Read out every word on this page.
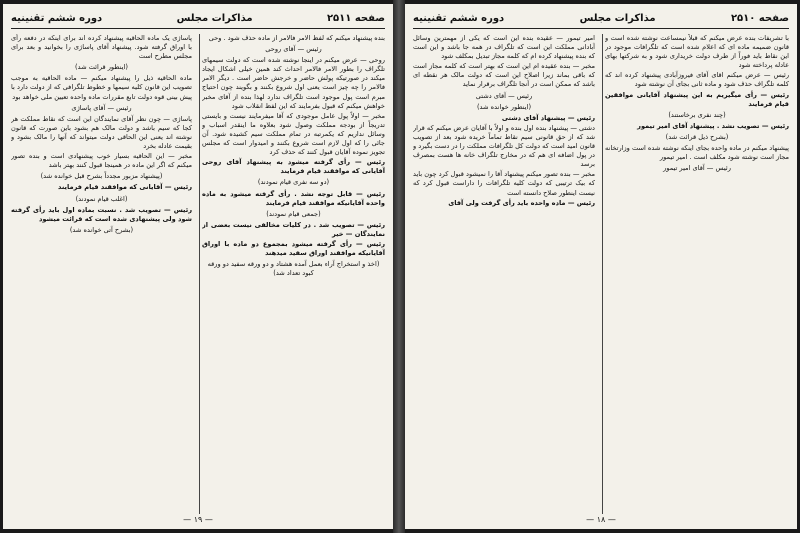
صفحه ۲۵۱۱
مذاکرات مجلس
دوره ششم تقنینیه

بنده پیشنهاد میکنم که لفظ الامر فالامر از ماده حذف شود . وحی

رئیس — آقای روحی

روحی — عرض میکنم در اینجا نوشته شده است که دولت سیمهای تلگراف را بطور الامر فالامر احداث کند همین خیلی اشکال ایجاد میکند در صورتیکه پولش حاضر و خرجش حاضر است . دیگر الامر فالامر را چه چیز است یعنی اول شروع بکنند و بگویند چون احتیاج مبرم است پول موجود است تلگراف ندارد لهذا بنده از آقای مخبر خواهش میکنم که قبول بفرمایند که این لفظ انقلاب شود

مخبر — اولاً پول عامل موجودی که آقا میفرمایند نیست و بایستی تدریجاً از بودجه مملکت وصول شود بعلاوه ما اینقدر اسباب و وسائل نداریم که یکمرتبه در تمام مملکت سیم کشیده شود. آن جائی را که اول لازم است شروع بکنند و امیدوار است که مجلس تجویز نموده آقایان قبول کنند که حذف کرد

رئیس — رأی گرفته میشود به پیشنهاد آقای روحی آقایانی که موافقند قیام فرمایند

(دو سه نفری قیام نمودند)

رئیس — قابل توجه نشد . رأی گرفته میشود به ماده واحده آقایانیکه موافقند قیام فرمایند

(جمعی قیام نمودند)

رئیس — تصویب شد . در کلیات مخالفی نیست بعضی از نمایندگان — خیر

رئیس — رأی گرفته میشود بمجموع دو ماده با اوراق آقایانیکه موافقند اوراق سفید میدهند

(اخذ و استخراج آراء بعمل آمده هشتاد و دو ورقه سفید دو ورقه کبود تعداد شد)

پاساژی یک ماده الحاقیه پیشنهاد کرده اند برای اینکه در دفعه رأی با اوراق گرفته شود. پیشنهاد آقای پاساژی را بخوانید و بعد برای مجلس مطرح است

(اینطور قرائت شد)

ماده الحاقیه ذیل را پیشنهاد میکنم — ماده الحاقیه به موجب تصویب این قانون کلیه سیمها و خطوط تلگرافی که از دولت دارد با پیش بینی قوه دولت تابع مقررات ماده واحده تعیین ملی خواهد بود

رئیس — آقای پاساژی

پاساژی — چون نظر آقای نمایندگان این است که نقاط مملکت هر کجا که سیم باشد و دولت مالک هم بشود باین صورت که قانون نوشته اند یعنی این الحاقی دولت میتواند که آنها را مالک بشود و بقیمت عادله بخرد

مخبر — این الحاقیه بسیار خوب پیشنهادی است و بنده تصور میکنم که اگر این ماده در همینجا قبول کنند بهتر باشد

(پیشنهاد مزبور مجدداً بشرح قبل خوانده شد)

رئیس — آقایانی که موافقند قیام فرمایند

(اغلب قیام نمودند)

رئیس — تصویب شد . نسبت بماده اول باید رأی گرفته شود ولی پیشنهادی شده است که قرائت میشود

(بشرح آتی خوانده شد)

— ۱۹ —
صفحه ۲۵۱۰
مذاکرات مجلس
دوره ششم تقنینیه

با تشریفات بنده عرض میکنم که قبلاً نیمساعت نوشته شده است و قانون ضمیمه ماده ای که اعلام شده است که تلگرافات موجود در این نقاط باید فوراً از طرف دولت خریداری شود و به شرکتها بهای عادله پرداخته شود

رئیس — عرض میکنم اقای آقای فیروزآبادی پیشنهاد کرده اند که کلمه تلگراف حذف شود و ماده ثانی بجای آن نوشته شود

رئیس — رأی میگیریم به این پیشنهاد آقایانی موافقین قیام فرمایند

(چند نفری برخاستند)

رئیس — تصویب نشد . پیشنهاد آقای امیر تیمور

(بشرح ذیل قرائت شد)

پیشنهاد میکنم در ماده واحده بجای اینکه نوشته شده است وزارتخانه مجاز است نوشته شود مکلف است . امیر تیمور

رئیس — آقای امیر تیمور

امیر تیمور — عقیده بنده این است که یکی از مهمترین وسائل آبادانی مملکت این است که تلگراف در همه جا باشد و این است که بنده پیشنهاد کرده ام که کلمه مجاز تبدیل بمکلف شود

مخبر — بنده عقیده ام این است که بهتر است که کلمه مجاز است که باقی بماند زیرا اصلاح این است که دولت مالک هر نقطه ای باشد که ممکن است در آنجا تلگراف برقرار نماید

رئیس — آقای دشتی

(اینطور خوانده شد)

رئیس — پیشنهاد آقای دشتی

دشتی — پیشنهاد بنده اول بنده و اولاً با آقایان عرض میکنم که قرار شد که از حق قانونی سیم نقاط تماماً خریده شود بعد از تصویب قانون امید است که دولت کل تلگرافات مملکت را در دست بگیرد و در پول اضافه ای هم که در مخارج تلگراف خانه ها هست بمصرف برسد

مخبر — بنده تصور میکنم پیشنهاد آقا را نمیشود قبول کرد چون باید که بیک ترتیبی که دولت کلیه تلگرافات را داراست قبول کرد که نیست اینطور صلاح دانسته است

رئیس — ماده واحده باید رأی گرفت ولی آقای

— ۱۸ —
